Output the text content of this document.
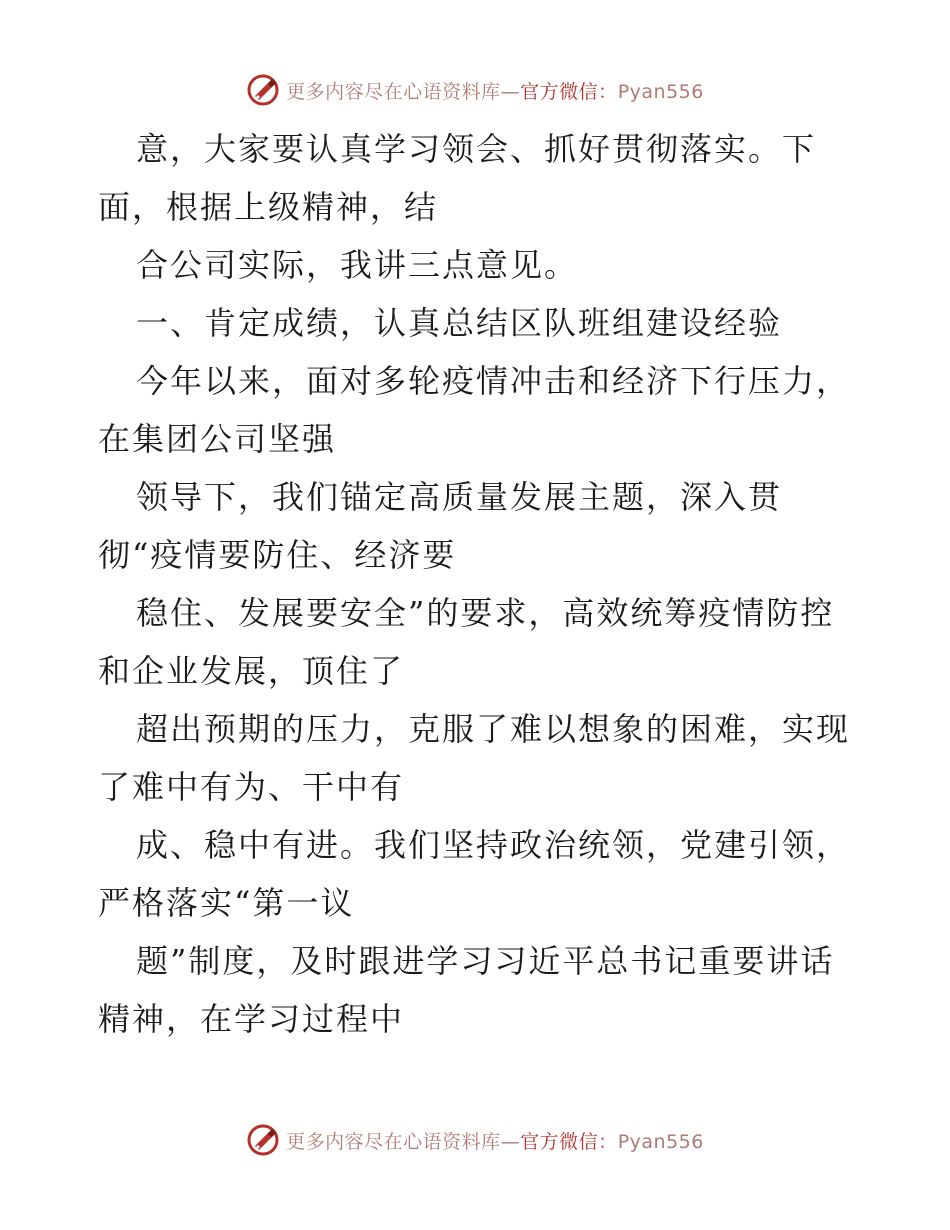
更多内容尽在心语资料库—官方微信：Pyan556
意，大家要认真学习领会、抓好贯彻落实。下
面，根据上级精神，结
合公司实际，我讲三点意见。
一、肯定成绩，认真总结区队班组建设经验
今年以来，面对多轮疫情冲击和经济下行压力，
在集团公司坚强
领导下，我们锚定高质量发展主题，深入贯
彻“疫情要防住、经济要
稳住、发展要安全”的要求，高效统筹疫情防控
和企业发展，顶住了
超出预期的压力，克服了难以想象的困难，实现
了难中有为、干中有
成、稳中有进。我们坚持政治统领，党建引领，
严格落实“第一议
题”制度，及时跟进学习习近平总书记重要讲话
精神，在学习过程中
更多内容尽在心语资料库—官方微信：Pyan556
